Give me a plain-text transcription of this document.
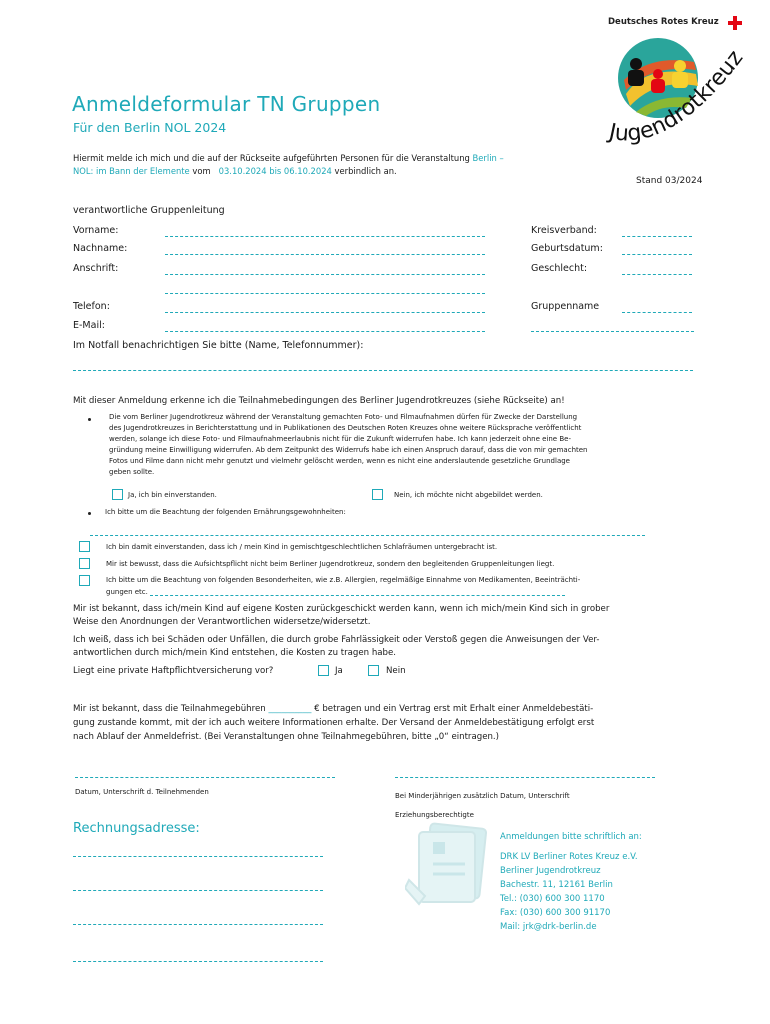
Deutsches Rotes Kreuz
Jugendrotkreuz
Anmeldeformular TN Gruppen
Für den Berlin NOL 2024
Hiermit melde ich mich und die auf der Rückseite aufgeführten Personen für die Veranstaltung Berlin –
NOL: im Bann der Elemente vom 03.10.2024 bis 06.10.2024 verbindlich an.
Stand 03/2024
verantwortliche Gruppenleitung
Vorname:	Kreisverband:
Nachname:	Geburtsdatum:
Anschrift:	Geschlecht:
Telefon:	Gruppenname
E-Mail:
Im Notfall benachrichtigen Sie bitte (Name, Telefonnummer):
Mit dieser Anmeldung erkenne ich die Teilnahmebedingungen des Berliner Jugendrotkreuzes (siehe Rückseite) an!
Die vom Berliner Jugendrotkreuz während der Veranstaltung gemachten Foto- und Filmaufnahmen dürfen für Zwecke der Darstellung
des Jugendrotkreuzes in Berichterstattung und in Publikationen des Deutschen Roten Kreuzes ohne weitere Rücksprache veröffentlicht
werden, solange ich diese Foto- und Filmaufnahmeerlaubnis nicht für die Zukunft widerrufen habe. Ich kann jederzeit ohne eine Be-
gründung meine Einwilligung widerrufen. Ab dem Zeitpunkt des Widerrufs habe ich einen Anspruch darauf, dass die von mir gemachten
Fotos und Filme dann nicht mehr genutzt und vielmehr gelöscht werden, wenn es nicht eine anderslautende gesetzliche Grundlage
geben sollte.
Ja, ich bin einverstanden.	Nein, ich möchte nicht abgebildet werden.
Ich bitte um die Beachtung der folgenden Ernährungsgewohnheiten:
Ich bin damit einverstanden, dass ich / mein Kind in gemischtgeschlechtlichen Schlafräumen untergebracht ist.
Mir ist bewusst, dass die Aufsichtspflicht nicht beim Berliner Jugendrotkreuz, sondern den begleitenden Gruppenleitungen liegt.
Ich bitte um die Beachtung von folgenden Besonderheiten, wie z.B. Allergien, regelmäßige Einnahme von Medikamenten, Beeinträchti-
gungen etc.
Mir ist bekannt, dass ich/mein Kind auf eigene Kosten zurückgeschickt werden kann, wenn ich mich/mein Kind sich in grober
Weise den Anordnungen der Verantwortlichen widersetze/widersetzt.
Ich weiß, dass ich bei Schäden oder Unfällen, die durch grobe Fahrlässigkeit oder Verstoß gegen die Anweisungen der Ver-
antwortlichen durch mich/mein Kind entstehen, die Kosten zu tragen habe.
Liegt eine private Haftpflichtversicherung vor?	Ja	Nein
Mir ist bekannt, dass die Teilnahmegebühren __________ € betragen und ein Vertrag erst mit Erhalt einer Anmeldebestäti-
gung zustande kommt, mit der ich auch weitere Informationen erhalte. Der Versand der Anmeldebestätigung erfolgt erst
nach Ablauf der Anmeldefrist. (Bei Veranstaltungen ohne Teilnahmegebühren, bitte „0“ eintragen.)
Datum, Unterschrift d. Teilnehmenden	Bei Minderjährigen zusätzlich Datum, Unterschrift
Erziehungsberechtigte
Rechnungsadresse:
Anmeldungen bitte schriftlich an:
DRK LV Berliner Rotes Kreuz e.V.
Berliner Jugendrotkreuz
Bachestr. 11, 12161 Berlin
Tel.: (030) 600 300 1170
Fax: (030) 600 300 91170
Mail: jrk@drk-berlin.de
